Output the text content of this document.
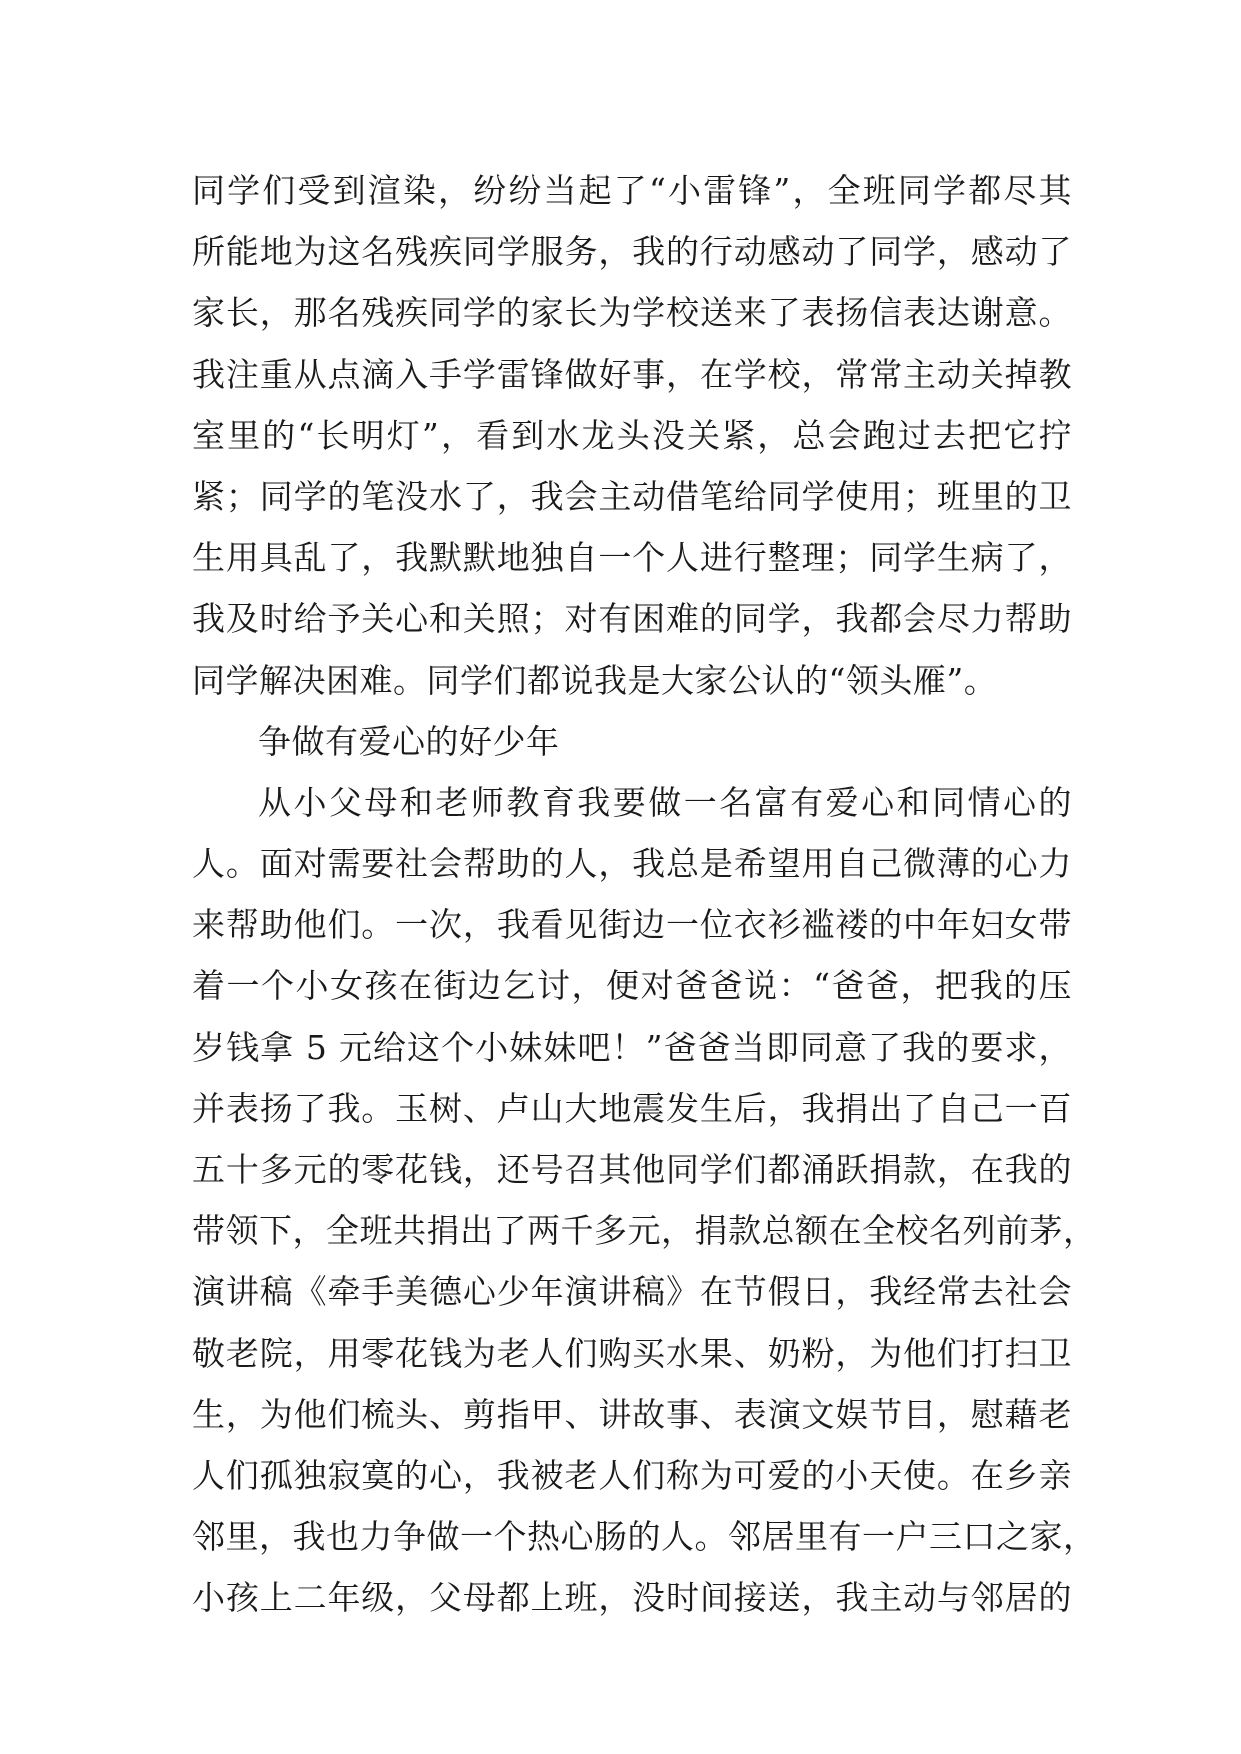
同学们受到渲染，纷纷当起了“小雷锋”，全班同学都尽其
所能地为这名残疾同学服务，我的行动感动了同学，感动了
家长，那名残疾同学的家长为学校送来了表扬信表达谢意。
我注重从点滴入手学雷锋做好事，在学校，常常主动关掉教
室里的“长明灯”，看到水龙头没关紧，总会跑过去把它拧
紧；同学的笔没水了，我会主动借笔给同学使用；班里的卫
生用具乱了，我默默地独自一个人进行整理；同学生病了，
我及时给予关心和关照；对有困难的同学，我都会尽力帮助
同学解决困难。同学们都说我是大家公认的“领头雁”。
争做有爱心的好少年
从小父母和老师教育我要做一名富有爱心和同情心的
人。面对需要社会帮助的人，我总是希望用自己微薄的心力
来帮助他们。一次，我看见街边一位衣衫褴褛的中年妇女带
着一个小女孩在街边乞讨，便对爸爸说：“爸爸，把我的压
岁钱拿 5 元给这个小妹妹吧！”爸爸当即同意了我的要求，
并表扬了我。玉树、卢山大地震发生后，我捐出了自己一百
五十多元的零花钱，还号召其他同学们都涌跃捐款，在我的
带领下，全班共捐出了两千多元，捐款总额在全校名列前茅，
演讲稿《牵手美德心少年演讲稿》在节假日，我经常去社会
敬老院，用零花钱为老人们购买水果、奶粉，为他们打扫卫
生，为他们梳头、剪指甲、讲故事、表演文娱节目，慰藉老
人们孤独寂寞的心，我被老人们称为可爱的小天使。在乡亲
邻里，我也力争做一个热心肠的人。邻居里有一户三口之家，
小孩上二年级，父母都上班，没时间接送，我主动与邻居的
